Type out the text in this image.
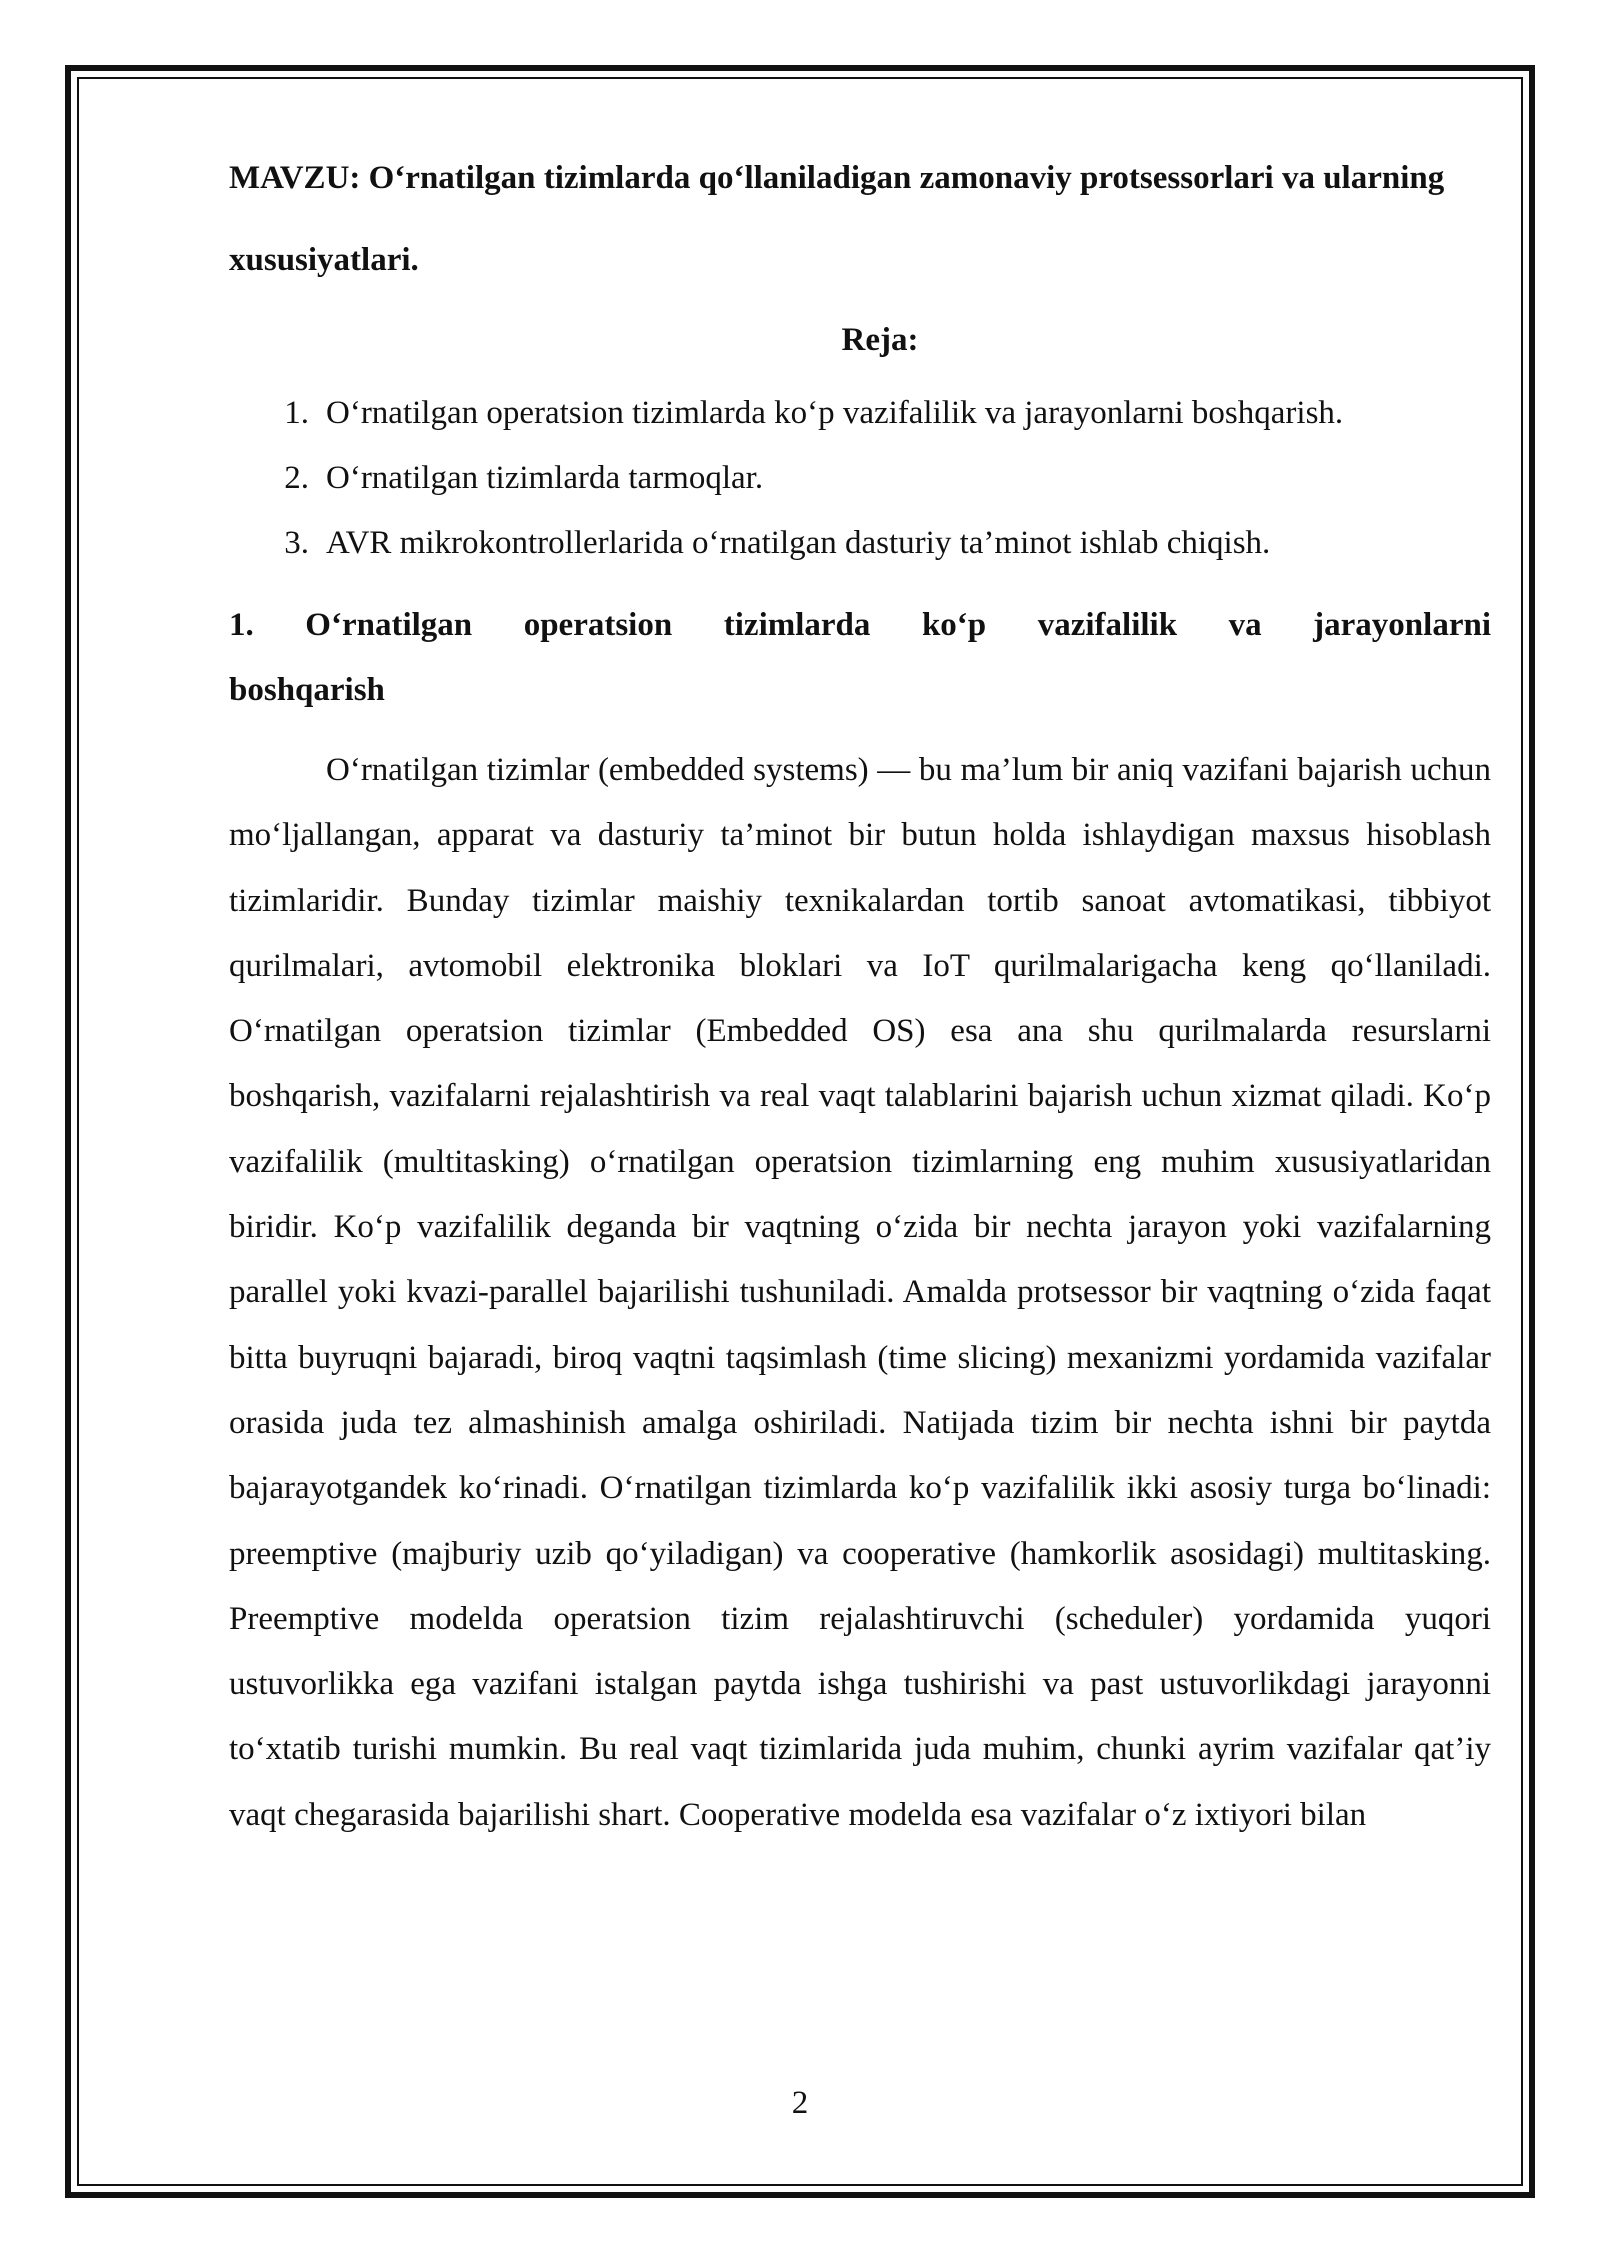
MAVZU: O‘rnatilgan tizimlarda qo‘llaniladigan zamonaviy protsessorlari va ularning xususiyatlari.

Reja:

1. O‘rnatilgan operatsion tizimlarda ko‘p vazifalilik va jarayonlarni boshqarish.
2. O‘rnatilgan tizimlarda tarmoqlar.
3. AVR mikrokontrollerlarida o‘rnatilgan dasturiy ta’minot ishlab chiqish.
1. O‘rnatilgan operatsion tizimlarda ko‘p vazifalilik va jarayonlarni
boshqarish

O‘rnatilgan tizimlar (embedded systems) — bu ma’lum bir aniq vazifani bajarish uchun mo‘ljallangan, apparat va dasturiy ta’minot bir butun holda ishlaydigan maxsus hisoblash tizimlaridir. Bunday tizimlar maishiy texnikalardan tortib sanoat avtomatikasi, tibbiyot qurilmalari, avtomobil elektronika bloklari va IoT qurilmalarigacha keng qo‘llaniladi. O‘rnatilgan operatsion tizimlar (Embedded OS) esa ana shu qurilmalarda resurslarni boshqarish, vazifalarni rejalashtirish va real vaqt talablarini bajarish uchun xizmat qiladi. Ko‘p vazifalilik (multitasking) o‘rnatilgan operatsion tizimlarning eng muhim xususiyatlaridan biridir. Ko‘p vazifalilik deganda bir vaqtning o‘zida bir nechta jarayon yoki vazifalarning parallel yoki kvazi-parallel bajarilishi tushuniladi. Amalda protsessor bir vaqtning o‘zida faqat bitta buyruqni bajaradi, biroq vaqtni taqsimlash (time slicing) mexanizmi yordamida vazifalar orasida juda tez almashinish amalga oshiriladi. Natijada tizim bir nechta ishni bir paytda bajarayotgandek ko‘rinadi. O‘rnatilgan tizimlarda ko‘p vazifalilik ikki asosiy turga bo‘linadi: preemptive (majburiy uzib qo‘yiladigan) va cooperative (hamkorlik asosidagi) multitasking. Preemptive modelda operatsion tizim rejalashtiruvchi (scheduler) yordamida yuqori ustuvorlikka ega vazifani istalgan paytda ishga tushirishi va past ustuvorlikdagi jarayonni to‘xtatib turishi mumkin. Bu real vaqt tizimlarida juda muhim, chunki ayrim vazifalar qat’iy vaqt chegarasida bajarilishi shart. Cooperative modelda esa vazifalar o‘z ixtiyori bilan

2
